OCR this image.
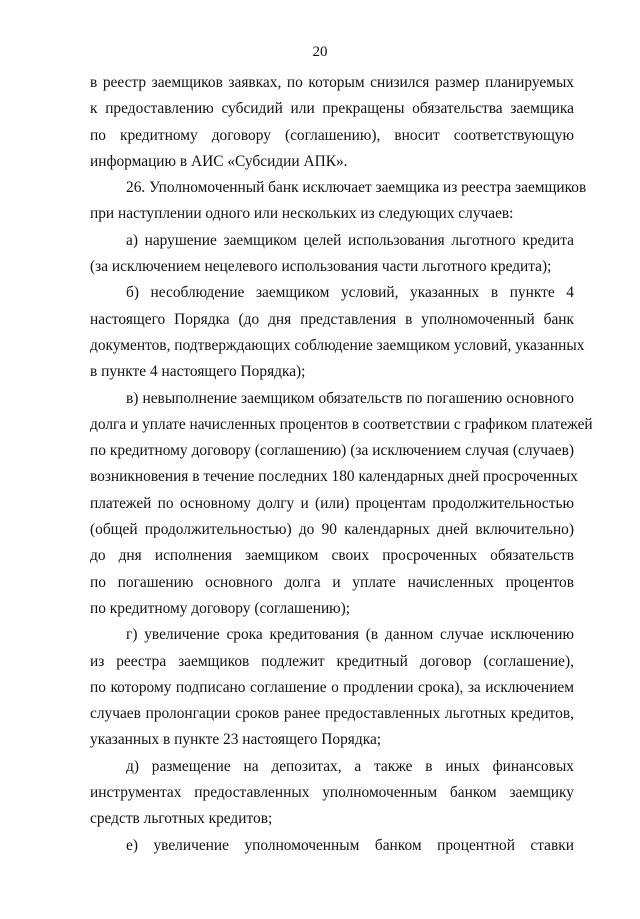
20
в реестр заемщиков заявках, по которым снизился размер планируемых
к предоставлению субсидий или прекращены обязательства заемщика
по кредитному договору (соглашению), вносит соответствующую
информацию в АИС «Субсидии АПК».
26. Уполномоченный банк исключает заемщика из реестра заемщиков
при наступлении одного или нескольких из следующих случаев:
а) нарушение заемщиком целей использования льготного кредита
(за исключением нецелевого использования части льготного кредита);
б) несоблюдение заемщиком условий, указанных в пункте 4
настоящего Порядка (до дня представления в уполномоченный банк
документов, подтверждающих соблюдение заемщиком условий, указанных
в пункте 4 настоящего Порядка);
в) невыполнение заемщиком обязательств по погашению основного
долга и уплате начисленных процентов в соответствии с графиком платежей
по кредитному договору (соглашению) (за исключением случая (случаев)
возникновения в течение последних 180 календарных дней просроченных
платежей по основному долгу и (или) процентам продолжительностью
(общей продолжительностью) до 90 календарных дней включительно)
до дня исполнения заемщиком своих просроченных обязательств
по погашению основного долга и уплате начисленных процентов
по кредитному договору (соглашению);
г) увеличение срока кредитования (в данном случае исключению
из реестра заемщиков подлежит кредитный договор (соглашение),
по которому подписано соглашение о продлении срока), за исключением
случаев пролонгации сроков ранее предоставленных льготных кредитов,
указанных в пункте 23 настоящего Порядка;
д) размещение на депозитах, а также в иных финансовых
инструментах предоставленных уполномоченным банком заемщику
средств льготных кредитов;
е) увеличение уполномоченным банком процентной ставки
